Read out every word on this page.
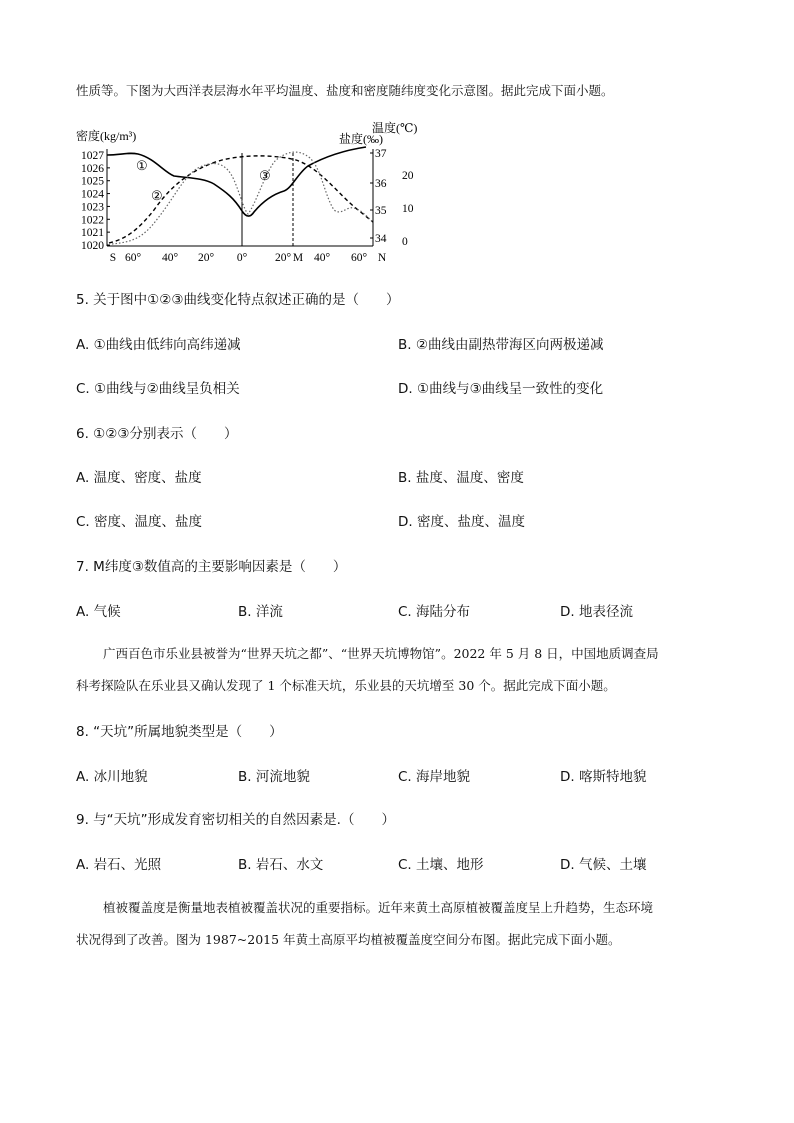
性质等。下图为大西洋表层海水年平均温度、盐度和密度随纬度变化示意图。据此完成下面小题。
密度(kg/m³)	盐度(‰)
温度(℃)
1027
1026
1025
1024
1023
1022
1021
1020
37
36
35
34
20
10
0
S 60° 40° 20° 0° 20° M 40° 60° N
①
②
③
5. 关于图中①②③曲线变化特点叙述正确的是（　　）
A. ①曲线由低纬向高纬递减	B. ②曲线由副热带海区向两极递减
C. ①曲线与②曲线呈负相关	D. ①曲线与③曲线呈一致性的变化
6. ①②③分别表示（　　）
A. 温度、密度、盐度	B. 盐度、温度、密度
C. 密度、温度、盐度	D. 密度、盐度、温度
7. M纬度③数值高的主要影响因素是（　　）
A. 气候	B. 洋流	C. 海陆分布	D. 地表径流
广西百色市乐业县被誉为“世界天坑之都”、“世界天坑博物馆”。2022 年 5 月 8 日，中国地质调查局
科考探险队在乐业县又确认发现了 1 个标准天坑，乐业县的天坑增至 30 个。据此完成下面小题。
8. “天坑”所属地貌类型是（　　）
A. 冰川地貌	B. 河流地貌	C. 海岸地貌	D. 喀斯特地貌
9. 与“天坑”形成发育密切相关的自然因素是.（　　）
A. 岩石、光照	B. 岩石、水文	C. 土壤、地形	D. 气候、土壤
植被覆盖度是衡量地表植被覆盖状况的重要指标。近年来黄土高原植被覆盖度呈上升趋势，生态环境
状况得到了改善。图为 1987~2015 年黄土高原平均植被覆盖度空间分布图。据此完成下面小题。
